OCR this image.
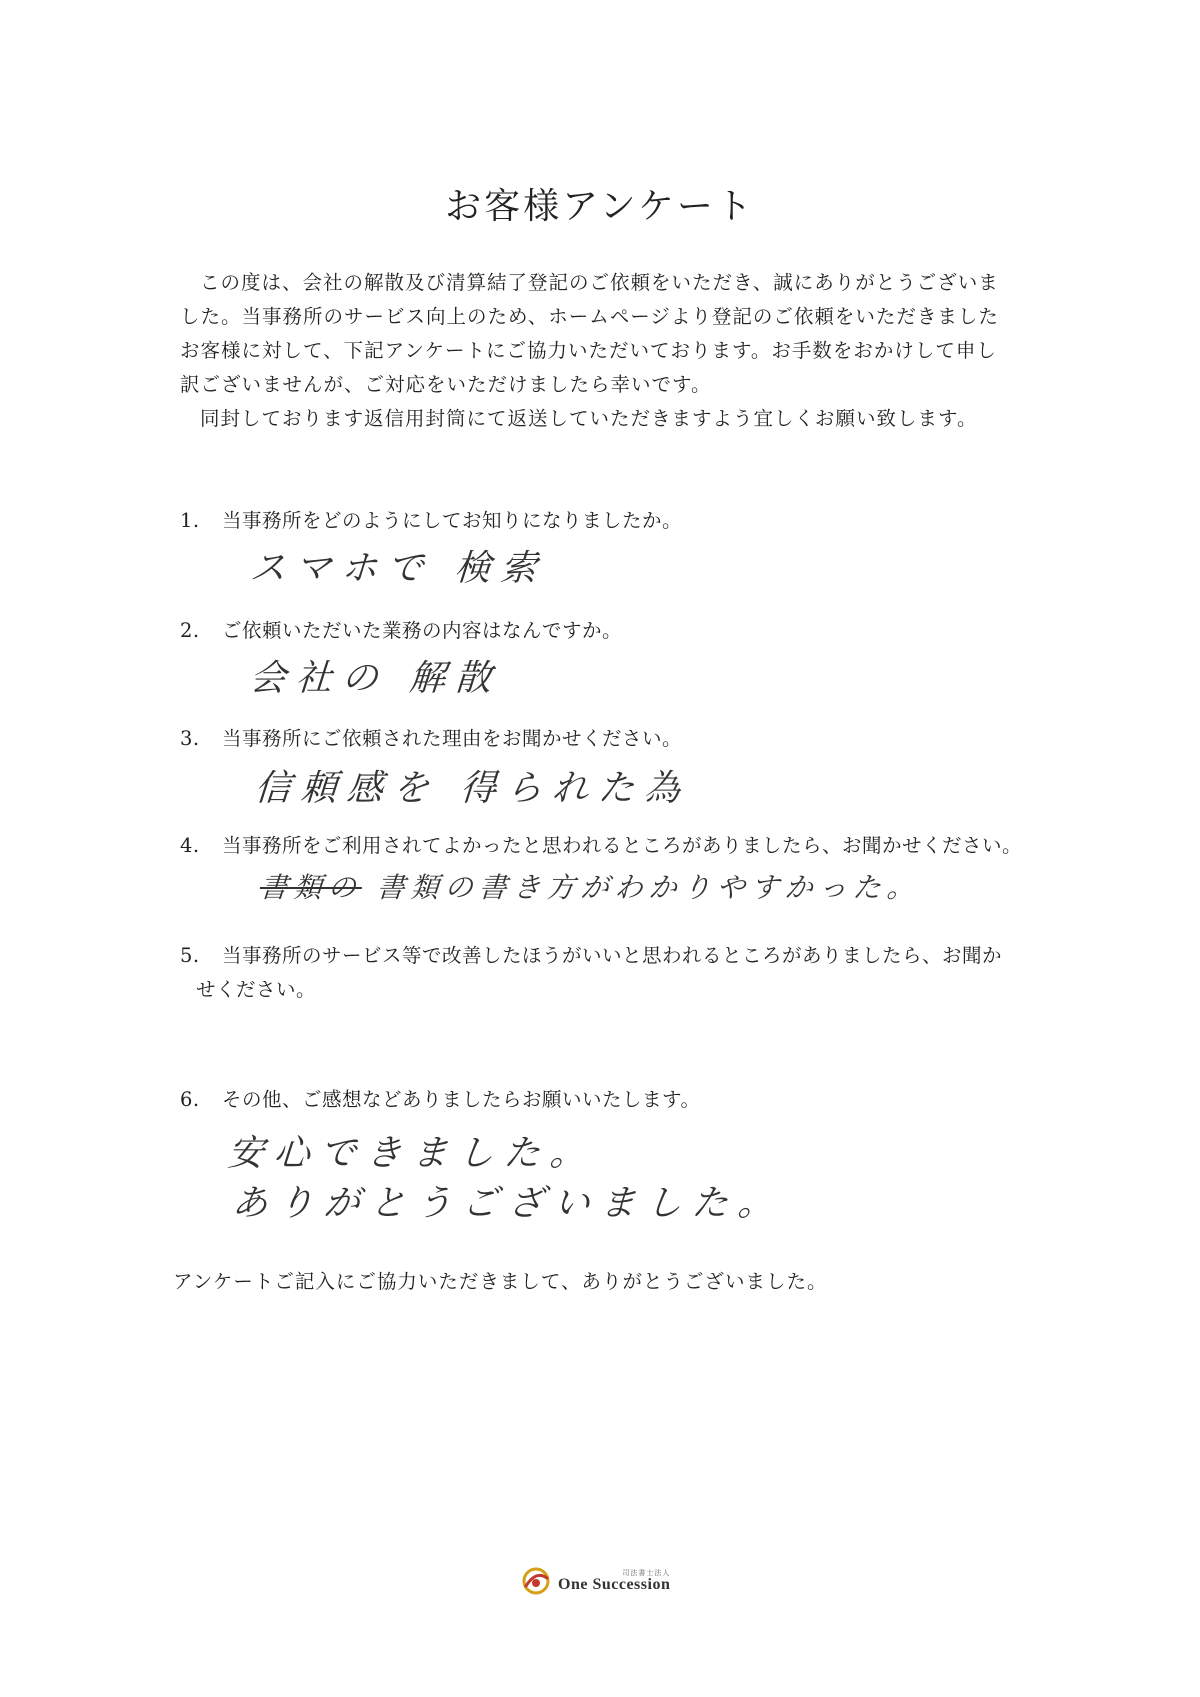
お客様アンケート
この度は、会社の解散及び清算結了登記のご依頼をいただき、誠にありがとうございま
した。当事務所のサービス向上のため、ホームページより登記のご依頼をいただきました
お客様に対して、下記アンケートにご協力いただいております。お手数をおかけして申し
訳ございませんが、ご対応をいただけましたら幸いです。
同封しております返信用封筒にて返送していただきますよう宜しくお願い致します。
1. 当事務所をどのようにしてお知りになりましたか。
スマホで 検索
2. ご依頼いただいた業務の内容はなんですか。
会社の 解散
3. 当事務所にご依頼された理由をお聞かせください。
信頼感を 得られた為
4. 当事務所をご利用されてよかったと思われるところがありましたら、お聞かせください。
書類の 書類の書き方がわかりやすかった。
5. 当事務所のサービス等で改善したほうがいいと思われるところがありましたら、お聞か
せください。
6. その他、ご感想などありましたらお願いいたします。
安心できました。
ありがとうございました。
アンケートご記入にご協力いただきまして、ありがとうございました。
司法書士法人
One Succession
